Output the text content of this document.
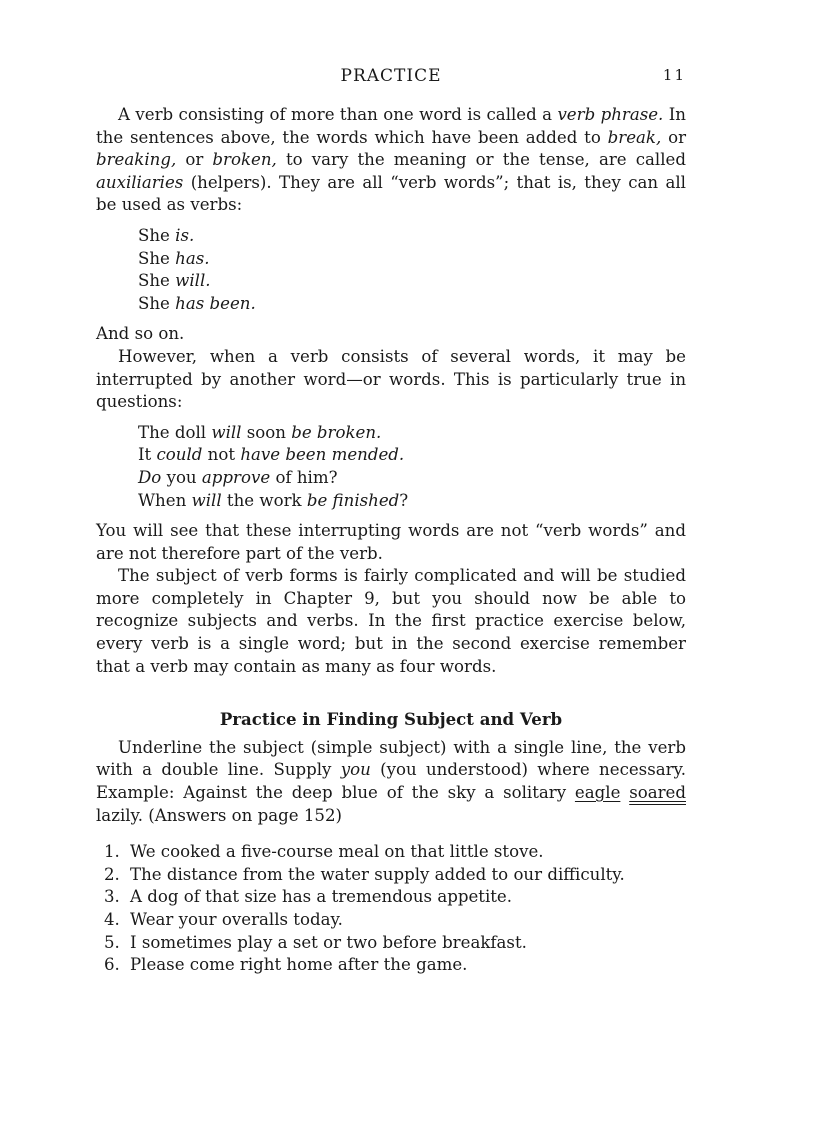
PRACTICE	11

A verb consisting of more than one word is called a verb phrase. In the sentences above, the words which have been added to break, or breaking, or broken, to vary the meaning or the tense, are called auxiliaries (helpers). They are all “verb words”; that is, they can all be used as verbs:

She is.
She has.
She will.
She has been.

And so on.

However, when a verb consists of several words, it may be interrupted by another word—or words. This is particularly true in questions:

The doll will soon be broken.
It could not have been mended.
Do you approve of him?
When will the work be finished?

You will see that these interrupting words are not “verb words” and are not therefore part of the verb.

The subject of verb forms is fairly complicated and will be studied more completely in Chapter 9, but you should now be able to recognize subjects and verbs. In the first practice exercise below, every verb is a single word; but in the second exercise remember that a verb may contain as many as four words.

Practice in Finding Subject and Verb

Underline the subject (simple subject) with a single line, the verb with a double line. Supply you (you understood) where necessary. Example: Against the deep blue of the sky a solitary eagle soared lazily. (Answers on page 152)

1. We cooked a five-course meal on that little stove.
2. The distance from the water supply added to our difficulty.
3. A dog of that size has a tremendous appetite.
4. Wear your overalls today.
5. I sometimes play a set or two before breakfast.
6. Please come right home after the game.
